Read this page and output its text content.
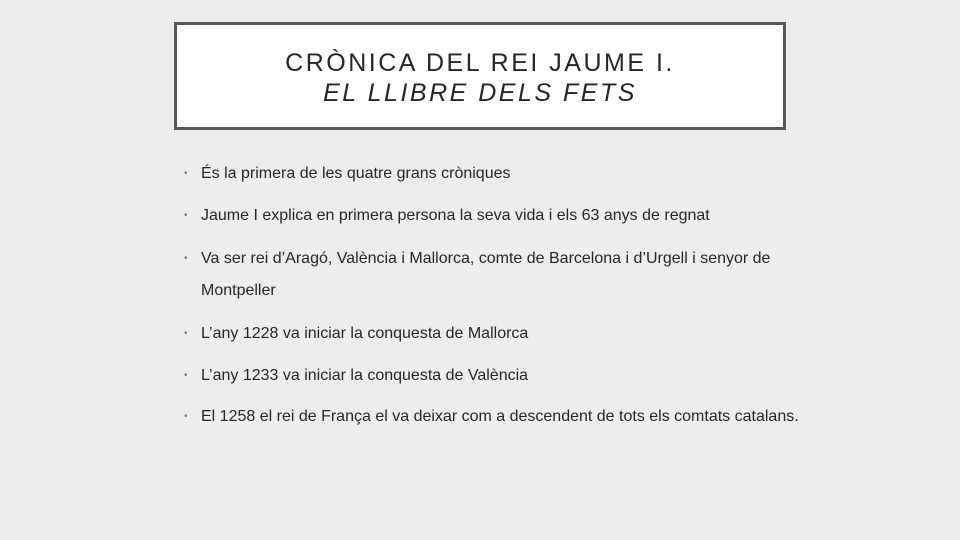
CRÒNICA DEL REI JAUME I.
EL LLIBRE DELS FETS
• És la primera de les quatre grans cròniques
• Jaume I explica en primera persona la seva vida i els 63 anys de regnat
• Va ser rei d’Aragó, València i Mallorca, comte de Barcelona i d’Urgell i senyor de Montpeller
• L’any 1228 va iniciar la conquesta de Mallorca
• L’any 1233 va iniciar la conquesta de València
• El 1258 el rei de França el va deixar com a descendent de tots els comtats catalans.
